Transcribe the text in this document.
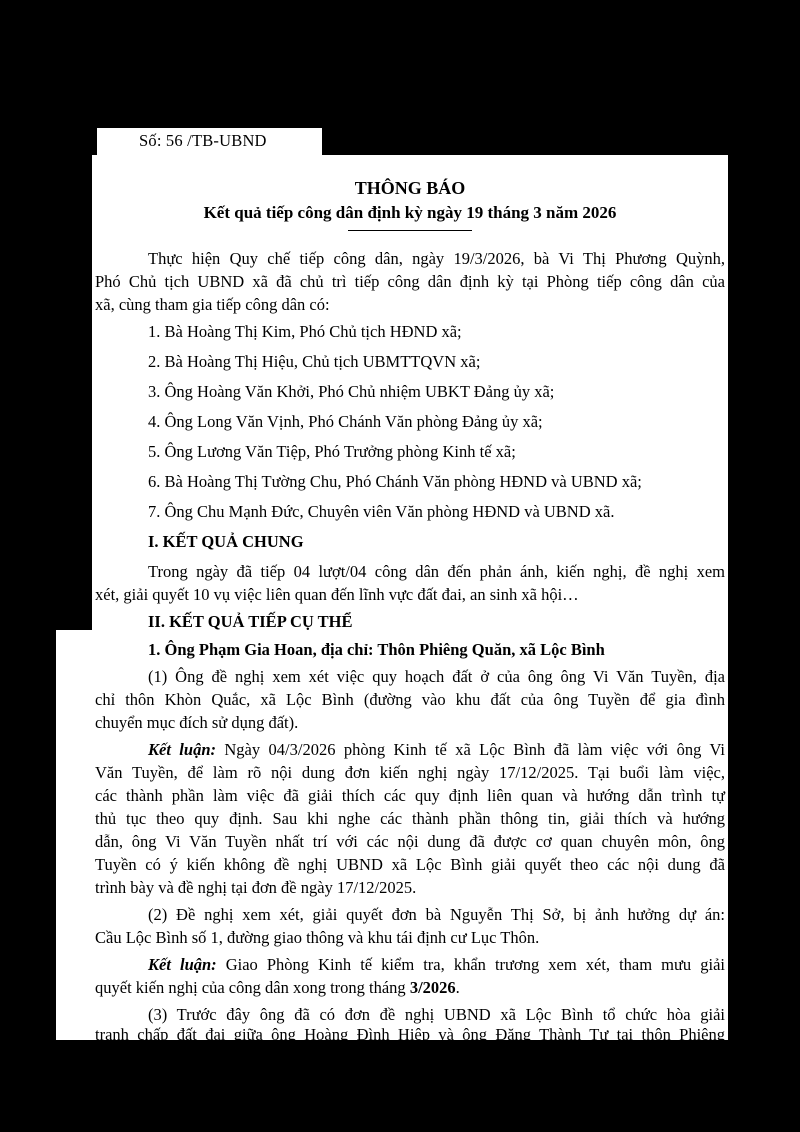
Số: 56 /TB-UBND
THÔNG BÁO
Kết quả tiếp công dân định kỳ ngày 19 tháng 3 năm 2026
Thực hiện Quy chế tiếp công dân, ngày 19/3/2026, bà Vi Thị Phương Quỳnh,
Phó Chủ tịch UBND xã đã chủ trì tiếp công dân định kỳ tại Phòng tiếp công dân của
xã, cùng tham gia tiếp công dân có:
1. Bà Hoàng Thị Kim, Phó Chủ tịch HĐND xã;
2. Bà Hoàng Thị Hiệu, Chủ tịch UBMTTQVN xã;
3. Ông Hoàng Văn Khởi, Phó Chủ nhiệm UBKT Đảng ủy xã;
4. Ông Long Văn Vịnh, Phó Chánh Văn phòng Đảng ủy xã;
5. Ông Lương Văn Tiệp, Phó Trưởng phòng Kinh tế xã;
6. Bà Hoàng Thị Tường Chu, Phó Chánh Văn phòng HĐND và UBND xã;
7. Ông Chu Mạnh Đức, Chuyên viên Văn phòng HĐND và UBND xã.
I. KẾT QUẢ CHUNG
Trong ngày đã tiếp 04 lượt/04 công dân đến phản ánh, kiến nghị, đề nghị xem
xét, giải quyết 10 vụ việc liên quan đến lĩnh vực đất đai, an sinh xã hội…
II. KẾT QUẢ TIẾP CỤ THỂ
1. Ông Phạm Gia Hoan, địa chỉ: Thôn Phiêng Quăn, xã Lộc Bình
(1) Ông đề nghị xem xét việc quy hoạch đất ở của ông ông Vi Văn Tuyền, địa
chỉ thôn Khòn Quắc, xã Lộc Bình (đường vào khu đất của ông Tuyền để gia đình
chuyển mục đích sử dụng đất).
Kết luận: Ngày 04/3/2026 phòng Kinh tế xã Lộc Bình đã làm việc với ông Vi
Văn Tuyền, để làm rõ nội dung đơn kiến nghị ngày 17/12/2025. Tại buổi làm việc,
các thành phần làm việc đã giải thích các quy định liên quan và hướng dẫn trình tự
thủ tục theo quy định. Sau khi nghe các thành phần thông tin, giải thích và hướng
dẫn, ông Vi Văn Tuyền nhất trí với các nội dung đã được cơ quan chuyên môn, ông
Tuyền có ý kiến không đề nghị UBND xã Lộc Bình giải quyết theo các nội dung đã
trình bày và đề nghị tại đơn đề ngày 17/12/2025.
(2) Đề nghị xem xét, giải quyết đơn bà Nguyễn Thị Sở, bị ảnh hưởng dự án:
Cầu Lộc Bình số 1, đường giao thông và khu tái định cư Lục Thôn.
Kết luận: Giao Phòng Kinh tế kiểm tra, khẩn trương xem xét, tham mưu giải
quyết kiến nghị của công dân xong trong tháng 3/2026.
(3) Trước đây ông đã có đơn đề nghị UBND xã Lộc Bình tổ chức hòa giải
tranh chấp đất đai giữa ông Hoàng Đình Hiệp và ông Đặng Thành Tự tại thôn Phiêng
